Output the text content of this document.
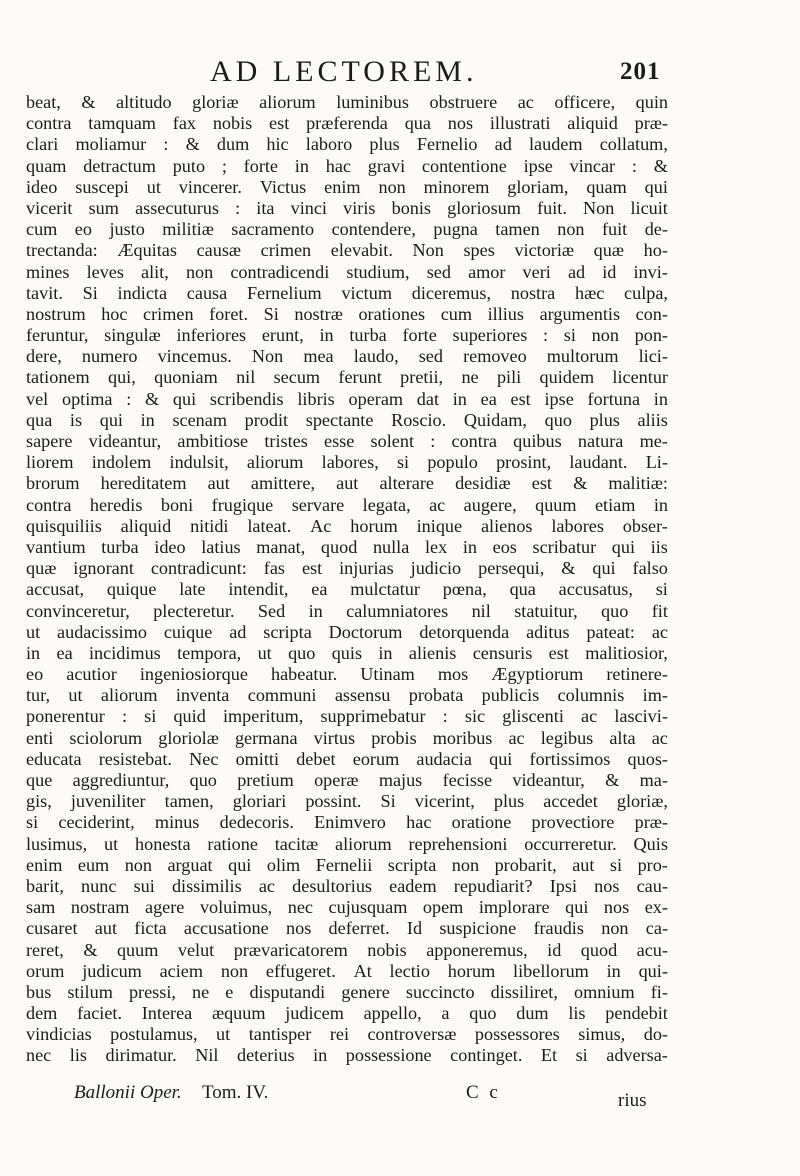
AD LECTOREM.	201
beat, & altitudo gloriæ aliorum luminibus obstruere ac officere, quin
contra tamquam fax nobis est præferenda qua nos illustrati aliquid præ-
clari moliamur : & dum hic laboro plus Fernelio ad laudem collatum,
quam detractum puto ; forte in hac gravi contentione ipse vincar : &
ideo suscepi ut vincerer. Victus enim non minorem gloriam, quam qui
vicerit sum assecuturus : ita vinci viris bonis gloriosum fuit. Non licuit
cum eo justo militiæ sacramento contendere, pugna tamen non fuit de-
trectanda: Æquitas causæ crimen elevabit. Non spes victoriæ quæ ho-
mines leves alit, non contradicendi studium, sed amor veri ad id invi-
tavit. Si indicta causa Fernelium victum diceremus, nostra hæc culpa,
nostrum hoc crimen foret. Si nostræ orationes cum illius argumentis con-
feruntur, singulæ inferiores erunt, in turba forte superiores : si non pon-
dere, numero vincemus. Non mea laudo, sed removeo multorum lici-
tationem qui, quoniam nil secum ferunt pretii, ne pili quidem licentur
vel optima : & qui scribendis libris operam dat in ea est ipse fortuna in
qua is qui in scenam prodit spectante Roscio. Quidam, quo plus aliis
sapere videantur, ambitiose tristes esse solent : contra quibus natura me-
liorem indolem indulsit, aliorum labores, si populo prosint, laudant. Li-
brorum hereditatem aut amittere, aut alterare desidiæ est & malitiæ:
contra heredis boni frugique servare legata, ac augere, quum etiam in
quisquiliis aliquid nitidi lateat. Ac horum inique alienos labores obser-
vantium turba ideo latius manat, quod nulla lex in eos scribatur qui iis
quæ ignorant contradicunt: fas est injurias judicio persequi, & qui falso
accusat, quique late intendit, ea mulctatur pœna, qua accusatus, si
convinceretur, plecteretur. Sed in calumniatores nil statuitur, quo fit
ut audacissimo cuique ad scripta Doctorum detorquenda aditus pateat: ac
in ea incidimus tempora, ut quo quis in alienis censuris est malitiosior,
eo acutior ingeniosiorque habeatur. Utinam mos Ægyptiorum retinere-
tur, ut aliorum inventa communi assensu probata publicis columnis im-
ponerentur : si quid imperitum, supprimebatur : sic gliscenti ac lascivi-
enti sciolorum gloriolæ germana virtus probis moribus ac legibus alta ac
educata resistebat. Nec omitti debet eorum audacia qui fortissimos quos-
que aggrediuntur, quo pretium operæ majus fecisse videantur, & ma-
gis, juveniliter tamen, gloriari possint. Si vicerint, plus accedet gloriæ,
si ceciderint, minus dedecoris. Enimvero hac oratione provectiore præ-
lusimus, ut honesta ratione tacitæ aliorum reprehensioni occurreretur. Quis
enim eum non arguat qui olim Fernelii scripta non probarit, aut si pro-
barit, nunc sui dissimilis ac desultorius eadem repudiarit? Ipsi nos cau-
sam nostram agere voluimus, nec cujusquam opem implorare qui nos ex-
cusaret aut ficta accusatione nos deferret. Id suspicione fraudis non ca-
reret, & quum velut prævaricatorem nobis apponeremus, id quod acu-
orum judicum aciem non effugeret. At lectio horum libellorum in qui-
bus stilum pressi, ne e disputandi genere succincto dissiliret, omnium fi-
dem faciet. Interea æquum judicem appello, a quo dum lis pendebit
vindicias postulamus, ut tantisper rei controversæ possessores simus, do-
nec lis dirimatur. Nil deterius in possessione continget. Et si adversa-
Ballonii Oper. Tom. IV.	C c	rius
